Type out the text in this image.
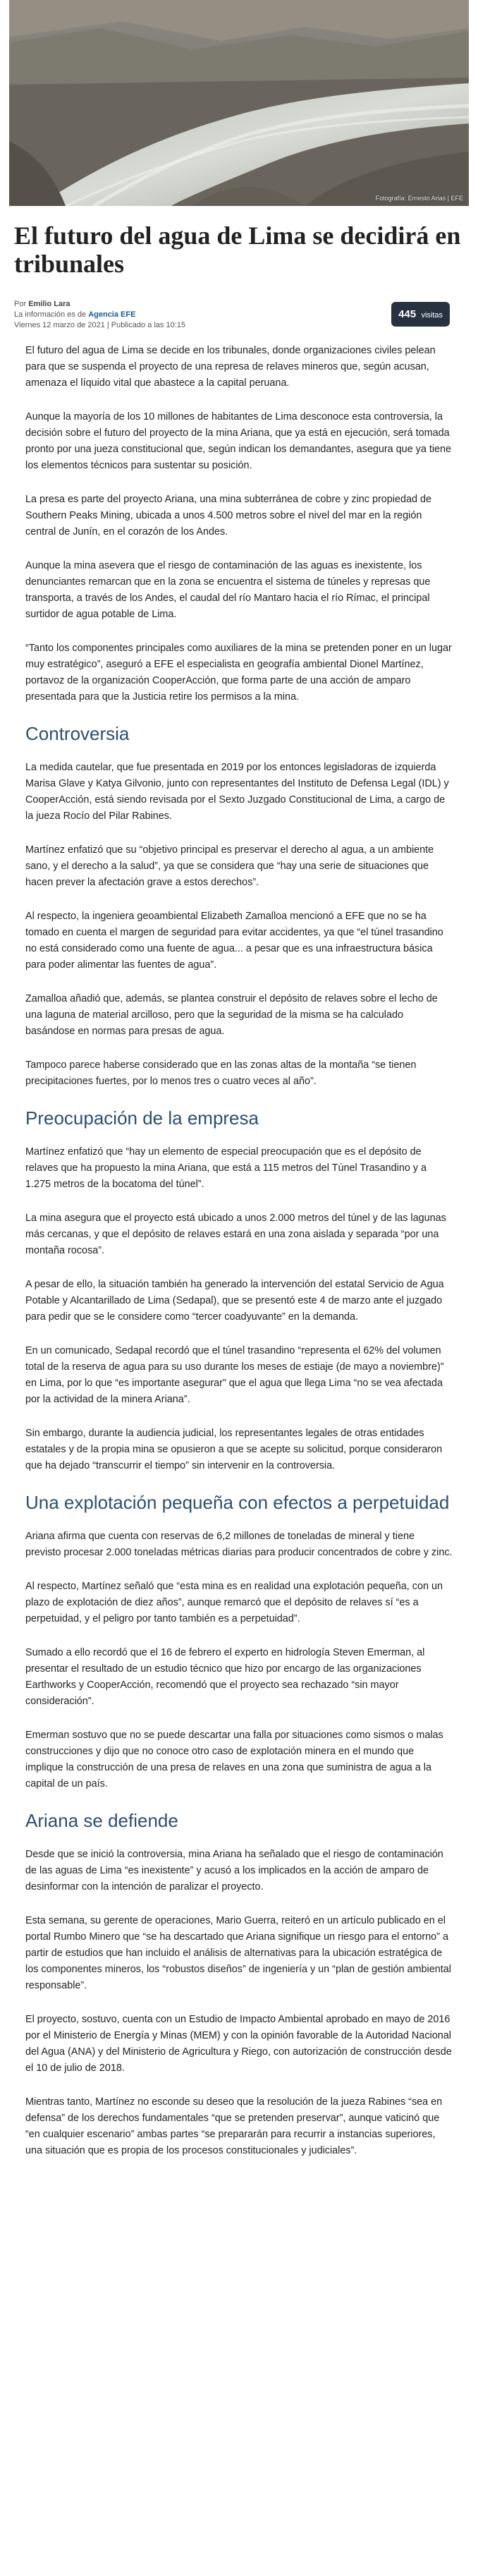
Fotografía: Ernesto Arias | EFE
El futuro del agua de Lima se decidirá en tribunales
Por Emilio Lara
La información es de Agencia EFE
Viernes 12 marzo de 2021 | Publicado a las 10:15
445 visitas

El futuro del agua de Lima se decide en los tribunales, donde organizaciones civiles pelean para que se suspenda el proyecto de una represa de relaves mineros que, según acusan, amenaza el líquido vital que abastece a la capital peruana.

Aunque la mayoría de los 10 millones de habitantes de Lima desconoce esta controversia, la decisión sobre el futuro del proyecto de la mina Ariana, que ya está en ejecución, será tomada pronto por una jueza constitucional que, según indican los demandantes, asegura que ya tiene los elementos técnicos para sustentar su posición.

La presa es parte del proyecto Ariana, una mina subterránea de cobre y zinc propiedad de Southern Peaks Mining, ubicada a unos 4.500 metros sobre el nivel del mar en la región central de Junín, en el corazón de los Andes.

Aunque la mina asevera que el riesgo de contaminación de las aguas es inexistente, los denunciantes remarcan que en la zona se encuentra el sistema de túneles y represas que transporta, a través de los Andes, el caudal del río Mantaro hacia el río Rímac, el principal surtidor de agua potable de Lima.

“Tanto los componentes principales como auxiliares de la mina se pretenden poner en un lugar muy estratégico”, aseguró a EFE el especialista en geografía ambiental Dionel Martínez, portavoz de la organización CooperAcción, que forma parte de una acción de amparo presentada para que la Justicia retire los permisos a la mina.

Controversia

La medida cautelar, que fue presentada en 2019 por los entonces legisladoras de izquierda Marisa Glave y Katya Gilvonio, junto con representantes del Instituto de Defensa Legal (IDL) y CooperAcción, está siendo revisada por el Sexto Juzgado Constitucional de Lima, a cargo de la jueza Rocío del Pilar Rabines.

Martínez enfatizó que su “objetivo principal es preservar el derecho al agua, a un ambiente sano, y el derecho a la salud”, ya que se considera que “hay una serie de situaciones que hacen prever la afectación grave a estos derechos”.

Al respecto, la ingeniera geoambiental Elizabeth Zamalloa mencionó a EFE que no se ha tomado en cuenta el margen de seguridad para evitar accidentes, ya que “el túnel trasandino no está considerado como una fuente de agua... a pesar que es una infraestructura básica para poder alimentar las fuentes de agua”.

Zamalloa añadió que, además, se plantea construir el depósito de relaves sobre el lecho de una laguna de material arcilloso, pero que la seguridad de la misma se ha calculado basándose en normas para presas de agua.

Tampoco parece haberse considerado que en las zonas altas de la montaña “se tienen precipitaciones fuertes, por lo menos tres o cuatro veces al año”.

Preocupación de la empresa

Martínez enfatizó que “hay un elemento de especial preocupación que es el depósito de relaves que ha propuesto la mina Ariana, que está a 115 metros del Túnel Trasandino y a 1.275 metros de la bocatoma del túnel”.

La mina asegura que el proyecto está ubicado a unos 2.000 metros del túnel y de las lagunas más cercanas, y que el depósito de relaves estará en una zona aislada y separada “por una montaña rocosa”.

A pesar de ello, la situación también ha generado la intervención del estatal Servicio de Agua Potable y Alcantarillado de Lima (Sedapal), que se presentó este 4 de marzo ante el juzgado para pedir que se le considere como “tercer coadyuvante” en la demanda.

En un comunicado, Sedapal recordó que el túnel trasandino “representa el 62% del volumen total de la reserva de agua para su uso durante los meses de estiaje (de mayo a noviembre)” en Lima, por lo que “es importante asegurar” que el agua que llega Lima “no se vea afectada por la actividad de la minera Ariana”.

Sin embargo, durante la audiencia judicial, los representantes legales de otras entidades estatales y de la propia mina se opusieron a que se acepte su solicitud, porque consideraron que ha dejado “transcurrir el tiempo” sin intervenir en la controversia.

Una explotación pequeña con efectos a perpetuidad

Ariana afirma que cuenta con reservas de 6,2 millones de toneladas de mineral y tiene previsto procesar 2.000 toneladas métricas diarias para producir concentrados de cobre y zinc.

Al respecto, Martínez señaló que “esta mina es en realidad una explotación pequeña, con un plazo de explotación de diez años”, aunque remarcó que el depósito de relaves sí “es a perpetuidad, y el peligro por tanto también es a perpetuidad”.

Sumado a ello recordó que el 16 de febrero el experto en hidrología Steven Emerman, al presentar el resultado de un estudio técnico que hizo por encargo de las organizaciones Earthworks y CooperAcción, recomendó que el proyecto sea rechazado “sin mayor consideración”.

Emerman sostuvo que no se puede descartar una falla por situaciones como sismos o malas construcciones y dijo que no conoce otro caso de explotación minera en el mundo que implique la construcción de una presa de relaves en una zona que suministra de agua a la capital de un país.

Ariana se defiende

Desde que se inició la controversia, mina Ariana ha señalado que el riesgo de contaminación de las aguas de Lima “es inexistente” y acusó a los implicados en la acción de amparo de desinformar con la intención de paralizar el proyecto.

Esta semana, su gerente de operaciones, Mario Guerra, reiteró en un artículo publicado en el portal Rumbo Minero que “se ha descartado que Ariana signifique un riesgo para el entorno” a partir de estudios que han incluido el análisis de alternativas para la ubicación estratégica de los componentes mineros, los “robustos diseños” de ingeniería y un “plan de gestión ambiental responsable”.

El proyecto, sostuvo, cuenta con un Estudio de Impacto Ambiental aprobado en mayo de 2016 por el Ministerio de Energía y Minas (MEM) y con la opinión favorable de la Autoridad Nacional del Agua (ANA) y del Ministerio de Agricultura y Riego, con autorización de construcción desde el 10 de julio de 2018.

Mientras tanto, Martínez no esconde su deseo que la resolución de la jueza Rabines “sea en defensa” de los derechos fundamentales “que se pretenden preservar”, aunque vaticinó que “en cualquier escenario” ambas partes “se prepararán para recurrir a instancias superiores, una situación que es propia de los procesos constitucionales y judiciales”.
